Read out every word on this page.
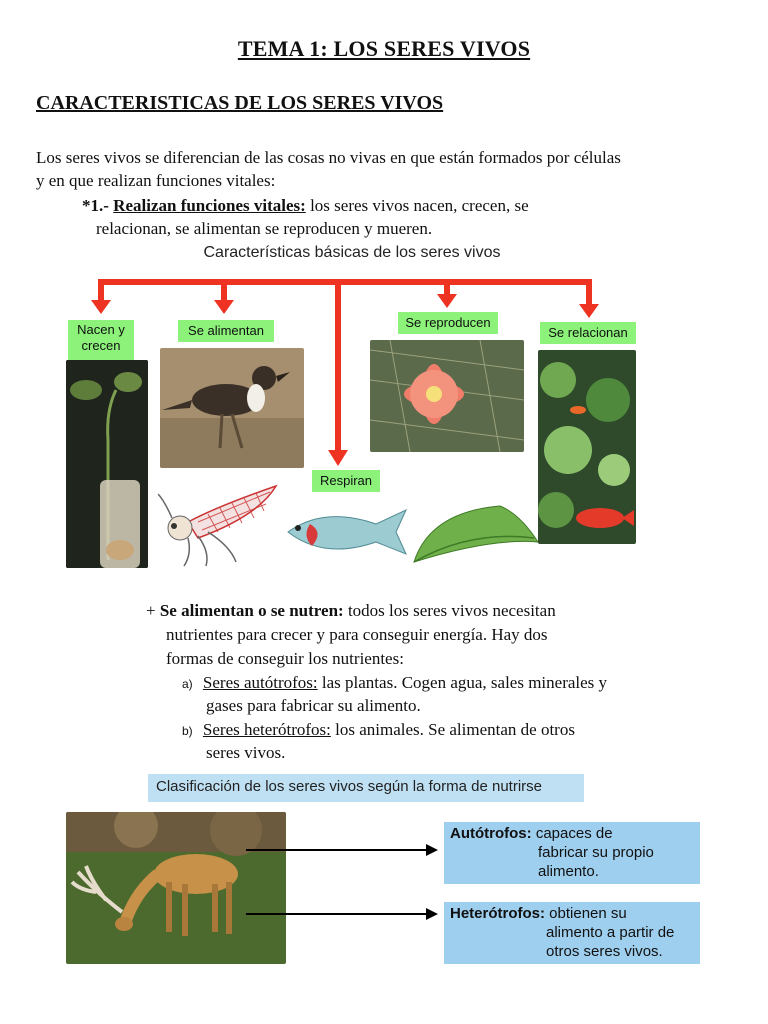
TEMA 1: LOS SERES VIVOS
CARACTERISTICAS DE LOS SERES VIVOS
Los seres vivos se diferencian de las cosas no vivas en que están formados por células
y en que realizan funciones vitales:
*1.- Realizan funciones vitales: los seres vivos nacen, crecen, se
relacionan, se alimentan se reproducen y mueren.
Características básicas de los seres vivos
Nacen y
crecen
Se alimentan
Se reproducen
Se relacionan
Respiran
+ Se alimentan o se nutren: todos los seres vivos necesitan
nutrientes para crecer y para conseguir energía. Hay dos
formas de conseguir los nutrientes:
a) Seres autótrofos: las plantas. Cogen agua, sales minerales y
gases para fabricar su alimento.
b) Seres heterótrofos: los animales. Se alimentan de otros
seres vivos.
Clasificación de los seres vivos según la forma de nutrirse
Autótrofos: capaces de
fabricar su propio
alimento.
Heterótrofos: obtienen su
alimento a partir de
otros seres vivos.
